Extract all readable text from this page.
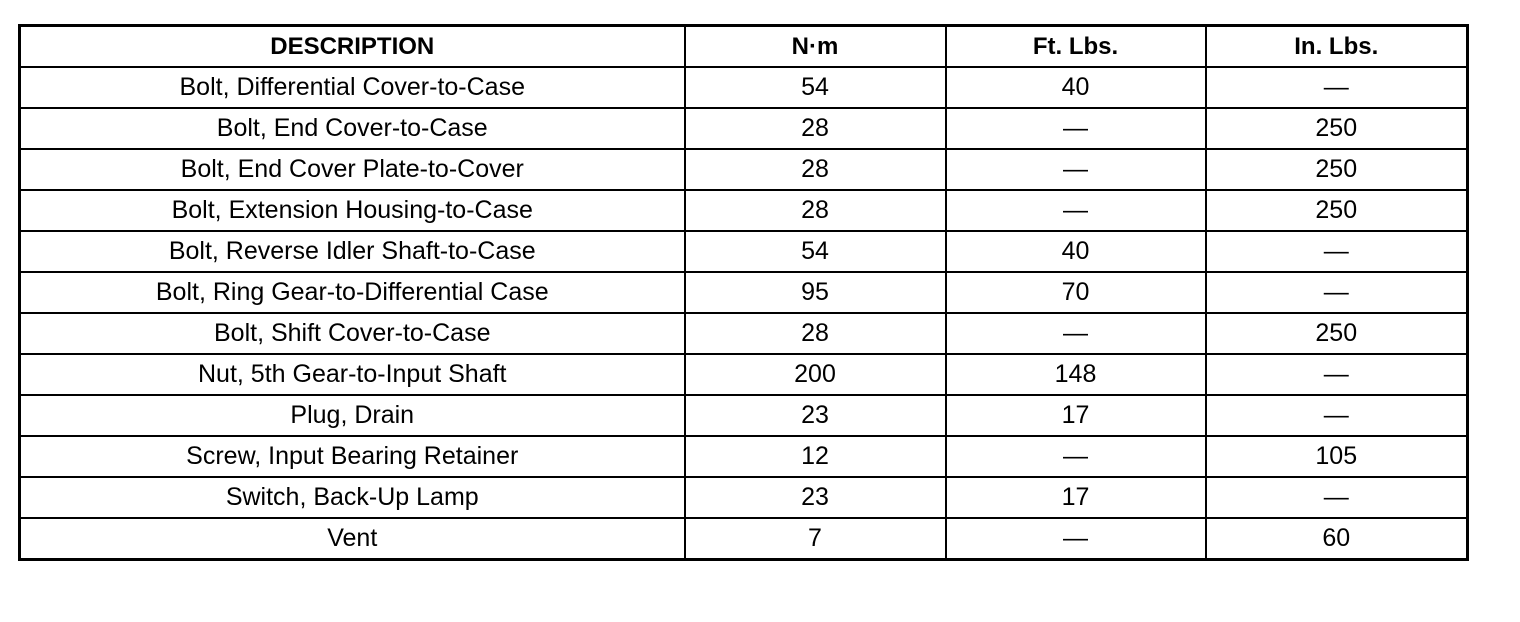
DESCRIPTION	N·m	Ft. Lbs.	In. Lbs.
Bolt, Differential Cover-to-Case	54	40	—
Bolt, End Cover-to-Case	28	—	250
Bolt, End Cover Plate-to-Cover	28	—	250
Bolt, Extension Housing-to-Case	28	—	250
Bolt, Reverse Idler Shaft-to-Case	54	40	—
Bolt, Ring Gear-to-Differential Case	95	70	—
Bolt, Shift Cover-to-Case	28	—	250
Nut, 5th Gear-to-Input Shaft	200	148	—
Plug, Drain	23	17	—
Screw, Input Bearing Retainer	12	—	105
Switch, Back-Up Lamp	23	17	—
Vent	7	—	60
